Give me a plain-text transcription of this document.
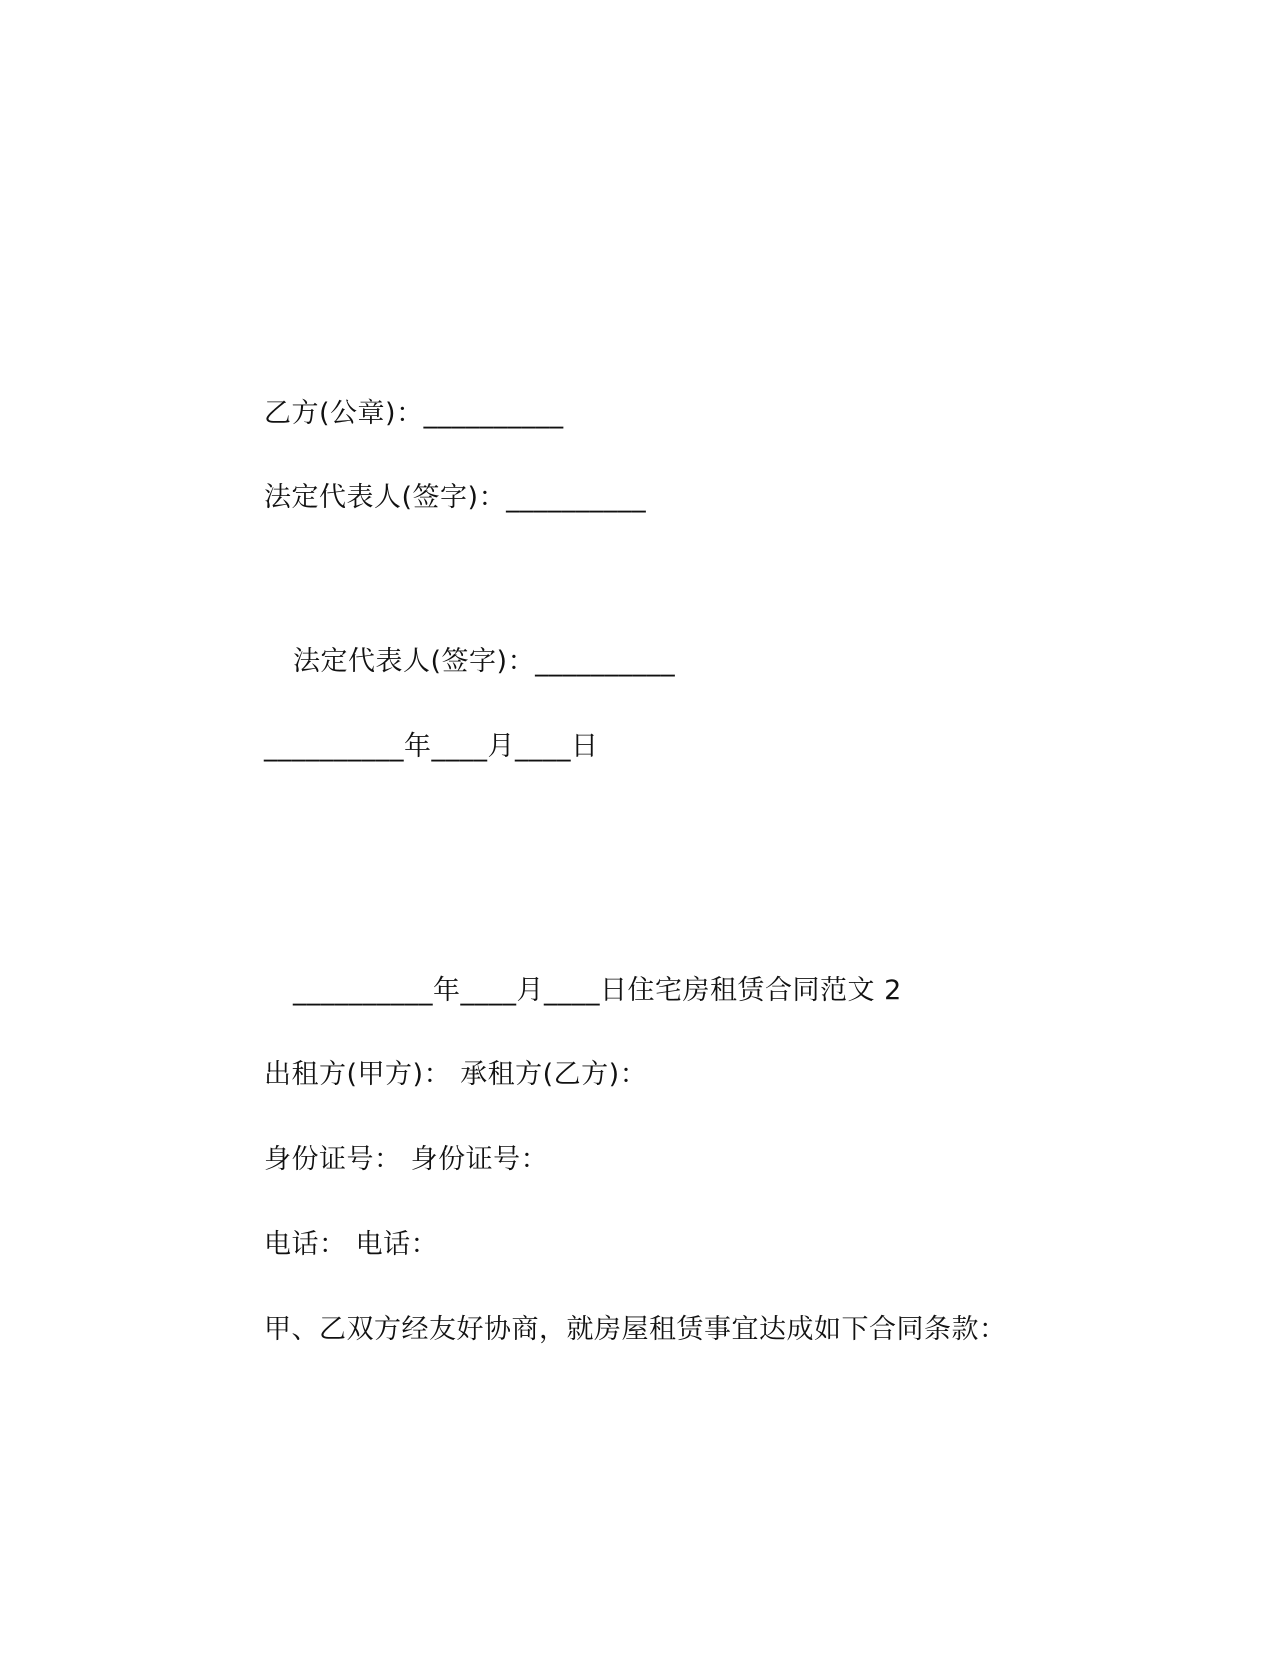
乙方(公章)：__________
法定代表人(签字)：__________
法定代表人(签字)：__________
__________年____月____日
__________年____月____日住宅房租赁合同范文 2
出租方(甲方)： 承租方(乙方)：
身份证号： 身份证号：
电话： 电话：
甲、乙双方经友好协商，就房屋租赁事宜达成如下合同条款：
